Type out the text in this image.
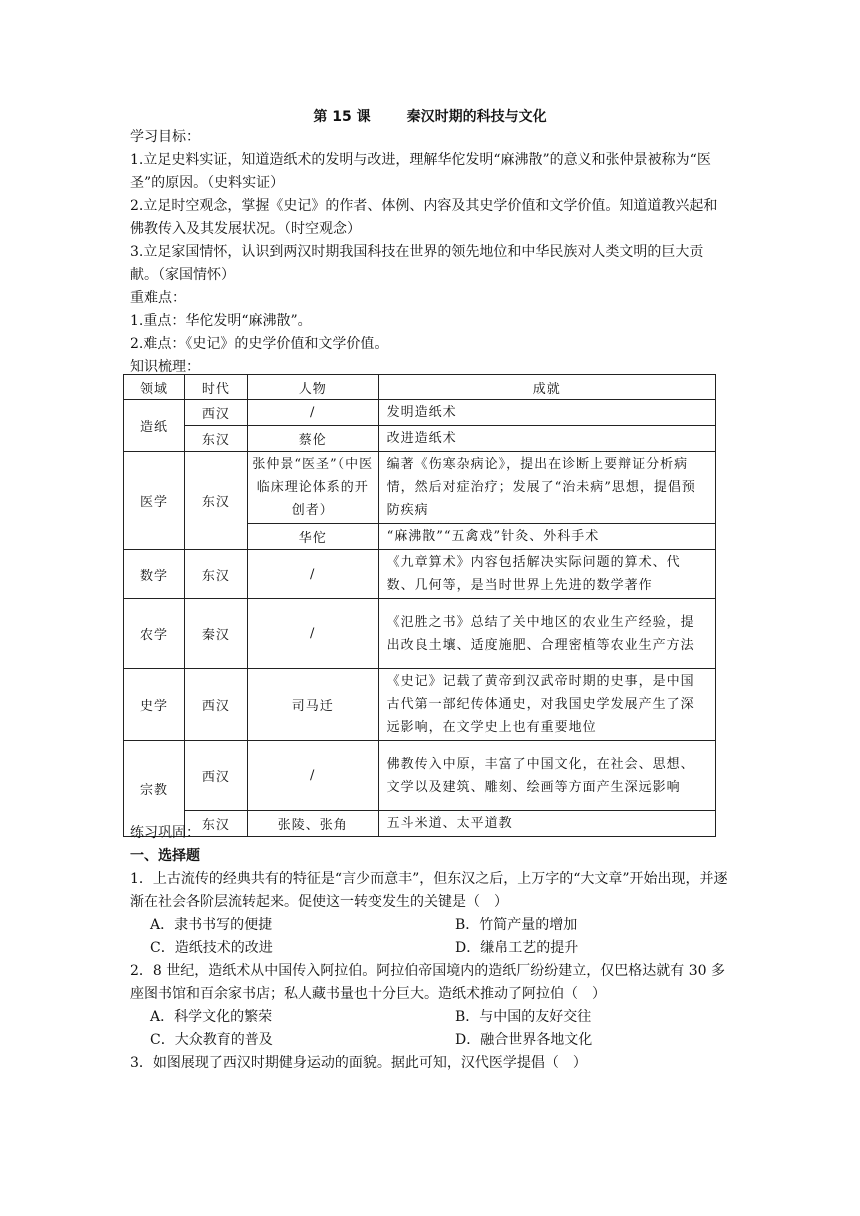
第 15 课	秦汉时期的科技与文化

学习目标：

1.立足史料实证，知道造纸术的发明与改进，理解华佗发明“麻沸散”的意义和张仲景被称为“医圣”的原因。（史料实证）

2.立足时空观念，掌握《史记》的作者、体例、内容及其史学价值和文学价值。知道道教兴起和佛教传入及其发展状况。（时空观念）

3.立足家国情怀，认识到两汉时期我国科技在世界的领先地位和中华民族对人类文明的巨大贡献。（家国情怀）

重难点：

1.重点：华佗发明“麻沸散”。

2.难点：《史记》的史学价值和文学价值。

知识梳理：

领域	时代	人物	成就
造纸	西汉	/	发明造纸术
	东汉	蔡伦	改进造纸术
医学	东汉	张仲景“医圣”（中医临床理论体系的开创者）	编著《伤寒杂病论》，提出在诊断上要辩证分析病情，然后对症治疗；发展了“治未病”思想，提倡预防疾病
		华佗	“麻沸散”“五禽戏”针灸、外科手术
数学	东汉	/	《九章算术》内容包括解决实际问题的算术、代数、几何等，是当时世界上先进的数学著作
农学	秦汉	/	《氾胜之书》总结了关中地区的农业生产经验，提出改良土壤、适度施肥、合理密植等农业生产方法
史学	西汉	司马迁	《史记》记载了黄帝到汉武帝时期的史事，是中国古代第一部纪传体通史，对我国史学发展产生了深远影响，在文学史上也有重要地位
宗教	西汉	/	佛教传入中原，丰富了中国文化，在社会、思想、文学以及建筑、雕刻、绘画等方面产生深远影响
	东汉	张陵、张角	五斗米道、太平道教

练习巩固：

一、选择题

1．上古流传的经典共有的特征是“言少而意丰”，但东汉之后，上万字的“大文章”开始出现，并逐渐在社会各阶层流转起来。促使这一转变发生的关键是（　）

A．隶书书写的便捷	B．竹简产量的增加
C．造纸技术的改进	D．缣帛工艺的提升

2．8 世纪，造纸术从中国传入阿拉伯。阿拉伯帝国境内的造纸厂纷纷建立，仅巴格达就有 30 多座图书馆和百余家书店；私人藏书量也十分巨大。造纸术推动了阿拉伯（　）

A．科学文化的繁荣	B．与中国的友好交往
C．大众教育的普及	D．融合世界各地文化

3．如图展现了西汉时期健身运动的面貌。据此可知，汉代医学提倡（　）
